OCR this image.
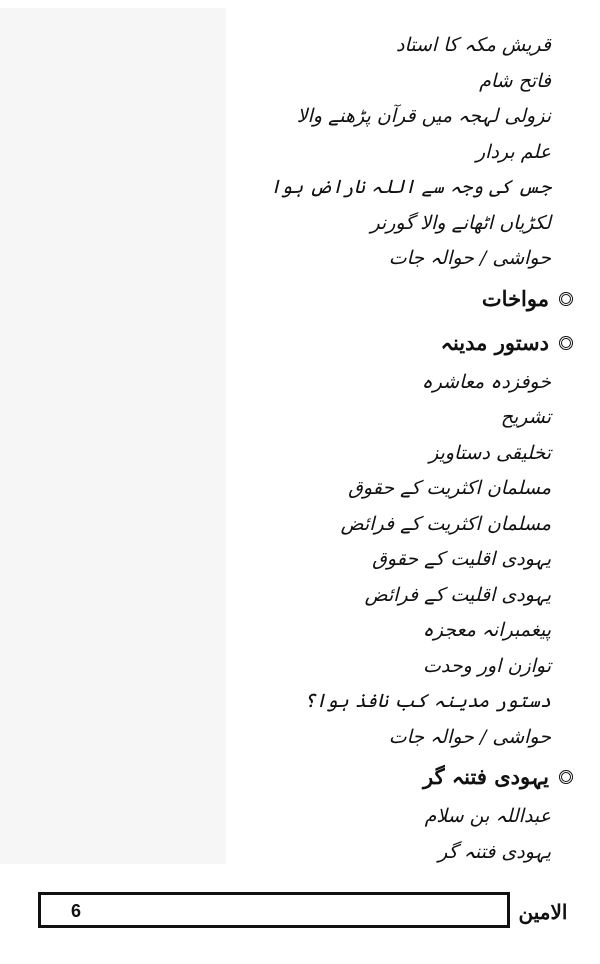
قریش مکہ کا استاد
فاتح شام
نزولی لہجہ میں قرآن پڑھنے والا
علم بردار
جس کی وجہ سے اللہ ناراض ہوا
لکڑیاں اٹھانے والا گورنر
حواشی / حوالہ جات
مواخات
دستور مدینہ
خوفزدہ معاشرہ
تشریح
تخلیقی دستاویز
مسلمان اکثریت کے حقوق
مسلمان اکثریت کے فرائض
یہودی اقلیت کے حقوق
یہودی اقلیت کے فرائض
پیغمبرانہ معجزہ
توازن اور وحدت
دستور مدینہ کب نافذ ہوا؟
حواشی / حوالہ جات
یہودی فتنہ گر
عبداللہ بن سلام
یہودی فتنہ گر
6	الامین
